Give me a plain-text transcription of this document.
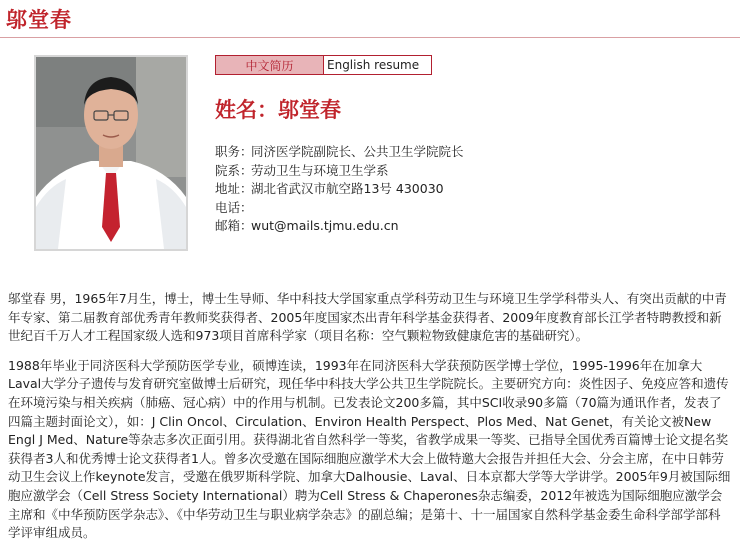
邬堂春
中文简历	English resume
姓名：邬堂春
职务：
同济医学院副院长、公共卫生学院院长
院系：
劳动卫生与环境卫生学系
地址：
湖北省武汉市航空路13号 430030
电话：
邮箱：
wut@mails.tjmu.edu.cn

邬堂春 男，1965年7月生，博士，博士生导师、华中科技大学国家重点学科劳动卫生与环境卫生学学科带头人、有突出贡献的中青年专家、第二届教育部优秀青年教师奖获得者、2005年度国家杰出青年科学基金获得者、2009年度教育部长江学者特聘教授和新世纪百千万人才工程国家级人选和973项目首席科学家（项目名称：空气颗粒物致健康危害的基础研究）。

1988年毕业于同济医科大学预防医学专业，硕博连读，1993年在同济医科大学获预防医学博士学位，1995-1996年在加拿大Laval大学分子遗传与发育研究室做博士后研究，现任华中科技大学公共卫生学院院长。主要研究方向：炎性因子、免疫应答和遗传在环境污染与相关疾病（肺癌、冠心病）中的作用与机制。已发表论文200多篇，其中SCI收录90多篇（70篇为通讯作者，发表了四篇主题封面论文），如：J Clin Oncol、Circulation、Environ Health Perspect、Plos Med、Nat Genet，有关论文被New Engl J Med、Nature等杂志多次正面引用。获得湖北省自然科学一等奖，省教学成果一等奖、已指导全国优秀百篇博士论文提名奖获得者3人和优秀博士论文获得者1人。曾多次受邀在国际细胞应激学术大会上做特邀大会报告并担任大会、分会主席，在中日韩劳动卫生会议上作keynote发言，受邀在俄罗斯科学院、加拿大Dalhousie、Laval、日本京都大学等大学讲学。2005年9月被国际细胞应激学会（Cell Stress Society International）聘为Cell Stress & Chaperones杂志编委，2012年被选为国际细胞应激学会主席和《中华预防医学杂志》、《中华劳动卫生与职业病学杂志》的副总编；是第十、十一届国家自然科学基金委生命科学部学部科学评审组成员。
